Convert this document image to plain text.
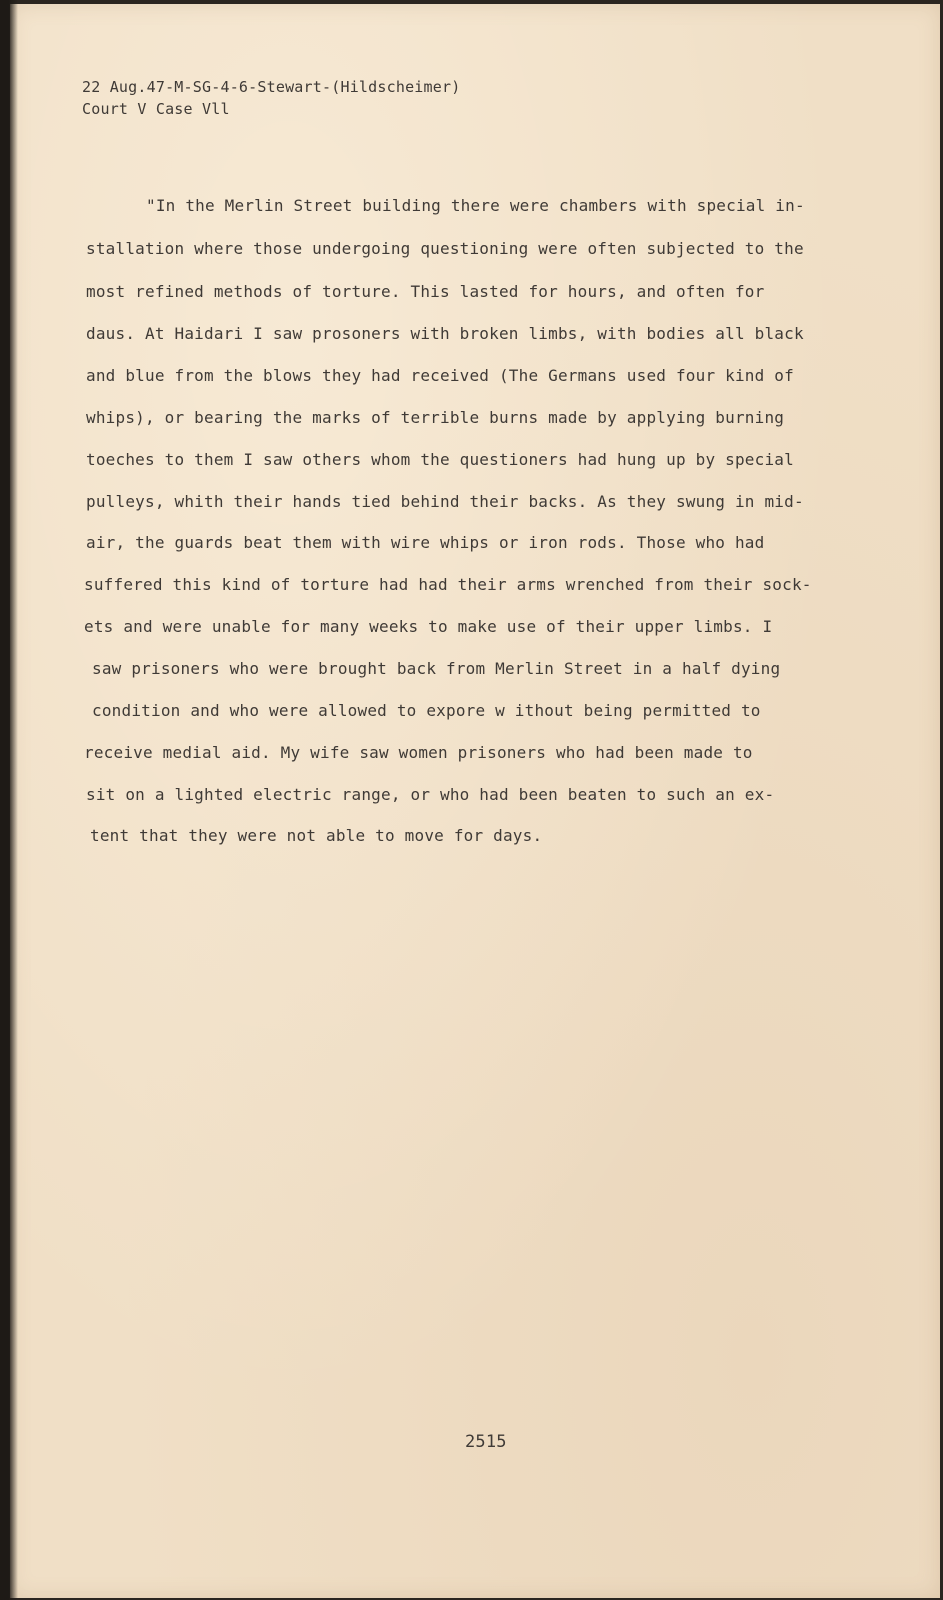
22 Aug.47-M-SG-4-6-Stewart-(Hildscheimer)
Court V Case Vll
"In the Merlin Street building there were chambers with special in-
stallation where those undergoing questioning were often subjected to the
most refined methods of torture. This lasted for hours, and often for
daus. At Haidari I saw prosoners with broken limbs, with bodies all black
and blue from the blows they had received (The Germans used four kind of
whips), or bearing the marks of terrible burns made by applying burning
toeches to them I saw others whom the questioners had hung up by special
pulleys, whith their hands tied behind their backs. As they swung in mid-
air, the guards beat them with wire whips or iron rods. Those who had
suffered this kind of torture had had their arms wrenched from their sock-
ets and were unable for many weeks to make use of their upper limbs. I
saw prisoners who were brought back from Merlin Street in a half dying
condition and who were allowed to expore w ithout being permitted to
receive medial aid. My wife saw women prisoners who had been made to
sit on a lighted electric range, or who had been beaten to such an ex-
tent that they were not able to move for days.
2515
